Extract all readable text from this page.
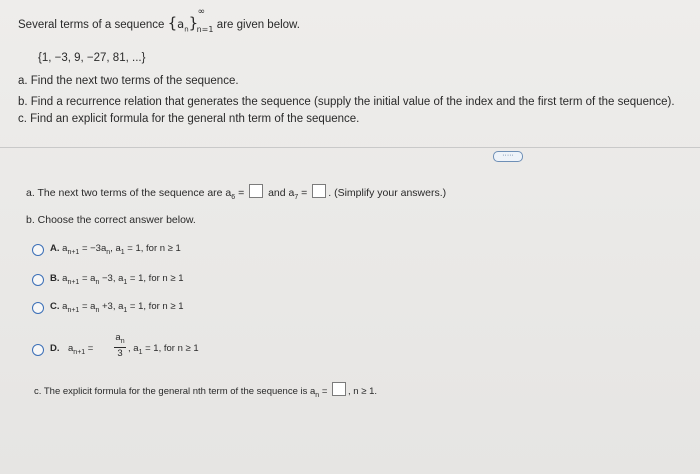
Several terms of a sequence $\{a_n\}$
∞
n=1 are given below.
{1, −3, 9, −27, 81, ...}
a. Find the next two terms of the sequence.
b. Find a recurrence relation that generates the sequence (supply the initial value of the index and the first term of the sequence).
c. Find an explicit formula for the general nth term of the sequence.
·····
a. The next two terms of the sequence are $a_6$ =  and $a_7$ = . (Simplify your answers.)
b. Choose the correct answer below.
A. $a_{n+1} = -3a_n$, $a_1 = 1$, for n ≥ 1
B. $a_{n+1} = a_n -3$, $a_1 = 1$, for n ≥ 1
C. $a_{n+1} = a_n +3$, $a_1 = 1$, for n ≥ 1
D. $a_{n+1}$ =
$a_n$
3 , $a_1 = 1$, for n ≥ 1
c. The explicit formula for the general nth term of the sequence is $a_n$ = , n ≥ 1.
